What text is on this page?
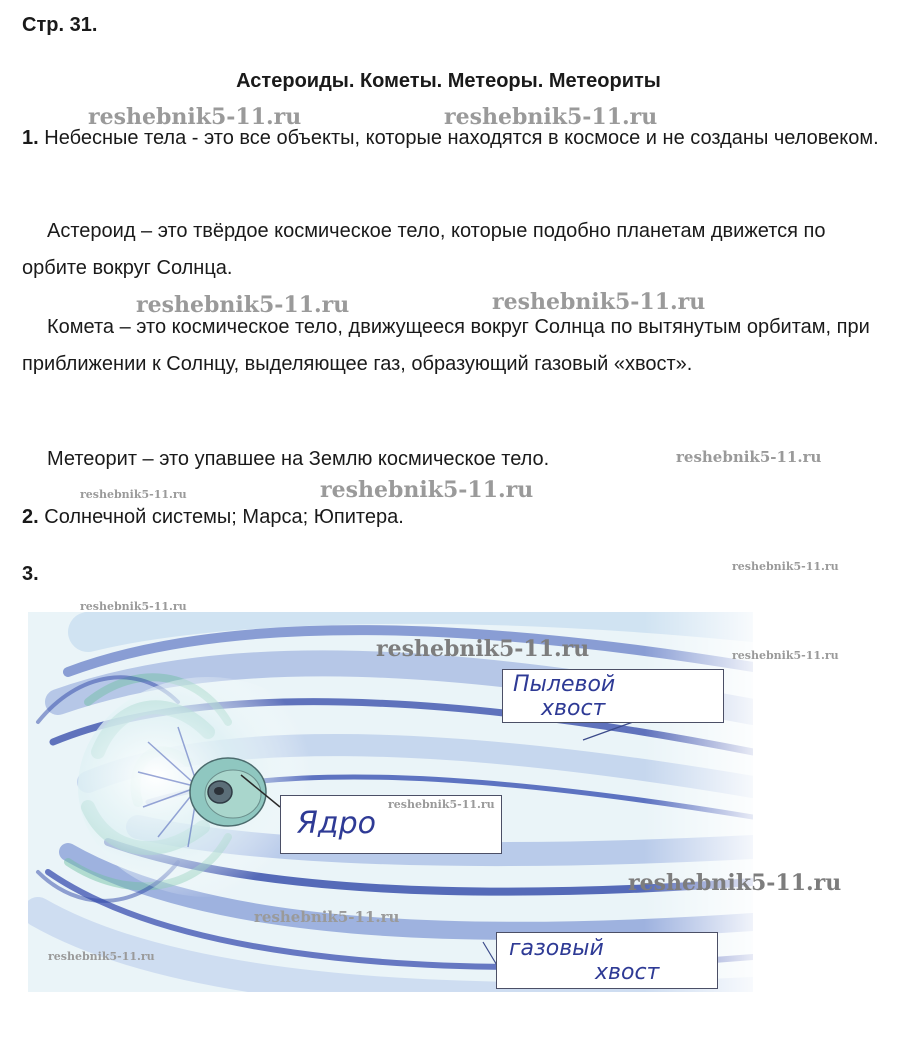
Стр. 31.
Астероиды. Кометы. Метеоры. Метеориты
1. Небесные тела - это все объекты, которые находятся в космосе и не созданы человеком.
Астероид – это твёрдое космическое тело, которые подобно планетам движется по орбите вокруг Солнца.
Комета – это космическое тело, движущееся вокруг Солнца по вытянутым орбитам, при приближении к Солнцу, выделяющее газ, образующий газовый «хвост».
Метеорит – это упавшее на Землю космическое тело.
2. Солнечной системы; Марса; Юпитера.
3.
Пылевой
хвост
Ядро
газовый
хвост
reshebnik5-11.ru	reshebnik5-11.ru
reshebnik5-11.ru	reshebnik5-11.ru
reshebnik5-11.ru
reshebnik5-11.ru	reshebnik5-11.ru
reshebnik5-11.ru
reshebnik5-11.ru
reshebnik5-11.ru	reshebnik5-11.ru
reshebnik5-11.ru
reshebnik5-11.ru
reshebnik5-11.ru
reshebnik5-11.ru
